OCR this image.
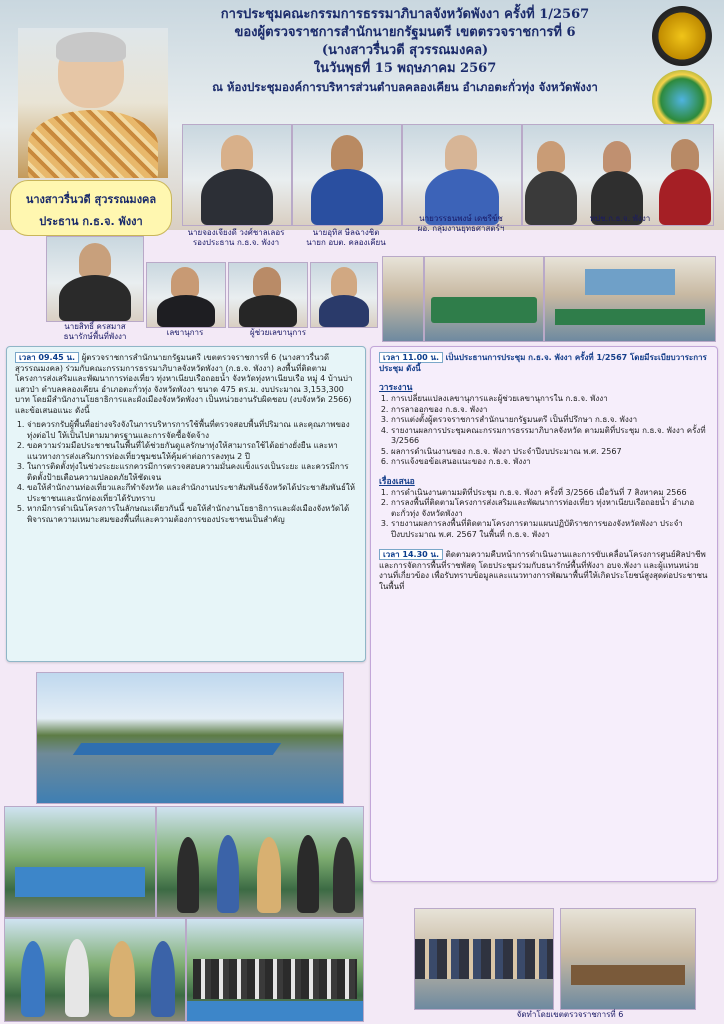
การประชุมคณะกรรมการธรรมาภิบาลจังหวัดพังงา ครั้งที่ 1/2567
ของผู้ตรวจราชการสำนักนายกรัฐมนตรี เขตตรวจราชการที่ 6
(นางสาวรื่นวดี สุวรรณมงคล)
ในวันพุธที่ 15 พฤษภาคม 2567
ณ ห้องประชุมองค์การบริหารส่วนตำบลคลองเคียน อำเภอตะกั่วทุ่ง จังหวัดพังงา
นางสาวรื่นวดี สุวรรณมงคล
ประธาน ก.ธ.จ. พังงา
นายจองเจียงดี วงศ์ชาลเลอร
รองประธาน ก.ธ.จ. พังงา
นายอุทิส ษีลฉางชิต
นายก อบต. คลองเคียน
นายวรรธนพงษ์ เดชรีข์ช
ผอ. กลุ่มงานยุทธศาสตร์ฯ
ทปช.ก.ธ.จ. พังงา
นายสิทธิ์ ครสมาส
ธนารักษ์พื้นที่พังงา	เลขานุการ	ผู้ช่วยเลขานุการ

เวลา 09.45 น. ผู้ตรวจราชการสำนักนายกรัฐมนตรี เขตตรวจราชการที่ 6 (นางสาวรื่นวดี สุวรรณมงคล) ร่วมกับคณะกรรมการธรรมาภิบาลจังหวัดพังงา (ก.ธ.จ. พังงา) ลงพื้นที่ติดตามโครงการส่งเสริมและพัฒนาการท่องเที่ยว ทุ่งหาเนียบเรือถอยน้ำ จังหวัดทุ่งหาเนียบเรือ หมู่ 4 บ้านบ่าแสวป่า ตำบลคลองเคียน อำเภอตะกั่วทุ่ง จังหวัดพังงา ขนาด 475 ตร.ม. งบประมาณ 3,153,300 บาท โดยมีสำนักงานโยธาธิการและผังเมืองจังหวัดพังงา เป็นหน่วยงานรับผิดชอบ (งบจังหวัด 2566) และข้อเสนอแนะ ดังนี้

1. จ่ายควรกรับผู้พื้นที่อย่างจริงจังในการบริหารการใช้พื้นที่ตรวจสอบพื้นที่ปริมาณ และคุณภาพของทุ่งต่อไป ให้เป็นไปตามมาตรฐานและการจัดซื้อจัดจ้าง
2. ขอความร่วมมือประชาชนในพื้นที่ได้ช่วยกันดูแลรักษาทุ่งให้สามารถใช้ได้อย่างยั่งยืน และหาแนวทางการส่งเสริมการท่องเที่ยวชุมชนให้คุ้มค่าต่อการลงทุน 2 ปี
3. ในการติดตั้งทุ่งในช่วงระยะแรกควรมีการตรวจสอบความมั่นคงแข็งแรงเป็นระยะ และควรมีการติดตั้งป้ายเตือนความปลอดภัยให้ชัดเจน
4. ขอให้สำนักงานท่องเที่ยวและกีฬาจังหวัด และสำนักงานประชาสัมพันธ์จังหวัดได้ประชาสัมพันธ์ให้ประชาชนและนักท่องเที่ยวได้รับทราบ
5. หากมีการดำเนินโครงการในลักษณะเดียวกันนี้ ขอให้สำนักงานโยธาธิการและผังเมืองจังหวัดได้พิจารณาความเหมาะสมของพื้นที่และความต้องการของประชาชนเป็นสำคัญ

เวลา 11.00 น. เป็นประธานการประชุม ก.ธ.จ. พังงา ครั้งที่ 1/2567 โดยมีระเบียบวาระการประชุม ดังนี้

วาระงาน
1. การเปลี่ยนแปลงเลขานุการและผู้ช่วยเลขานุการใน ก.ธ.จ. พังงา
2. การลาออกของ ก.ธ.จ. พังงา
3. การแต่งตั้งผู้ตรวจราชการสำนักนายกรัฐมนตรี เป็นที่ปรึกษา ก.ธ.จ. พังงา
4. รายงานผลการประชุมคณะกรรมการธรรมาภิบาลจังหวัด ตามมติที่ประชุม ก.ธ.จ. พังงา ครั้งที่ 3/2566
5. ผลการดำเนินงานของ ก.ธ.จ. พังงา ประจำปีงบประมาณ พ.ศ. 2567
6. การแจ้งขอข้อเสนอแนะของ ก.ธ.จ. พังงา
เรื่องเสนอ
1. การดำเนินงานตามมติที่ประชุม ก.ธ.จ. พังงา ครั้งที่ 3/2566 เมื่อวันที่ 7 สิงหาคม 2566
2. การลงพื้นที่ติดตามโครงการส่งเสริมและพัฒนาการท่องเที่ยว ทุ่งหาเนียบเรือถอยน้ำ อำเภอตะกั่วทุ่ง จังหวัดพังงา
3. รายงานผลการลงพื้นที่ติดตามโครงการตามแผนปฏิบัติราชการของจังหวัดพังงา ประจำปีงบประมาณ พ.ศ. 2567 ในพื้นที่ ก.ธ.จ. พังงา

เวลา 14.30 น. ติดตามความคืบหน้าการดำเนินงานและการขับเคลื่อนโครงการศูนย์ศิลปาชีพ และการจัดการพื้นที่ราชพัสดุ โดยประชุมร่วมกับธนารักษ์พื้นที่พังงา อบจ.พังงา และผู้แทนหน่วยงานที่เกี่ยวข้อง เพื่อรับทราบข้อมูลและแนวทางการพัฒนาพื้นที่ให้เกิดประโยชน์สูงสุดต่อประชาชนในพื้นที่

จัดทำโดยเขตตรวจราชการที่ 6
